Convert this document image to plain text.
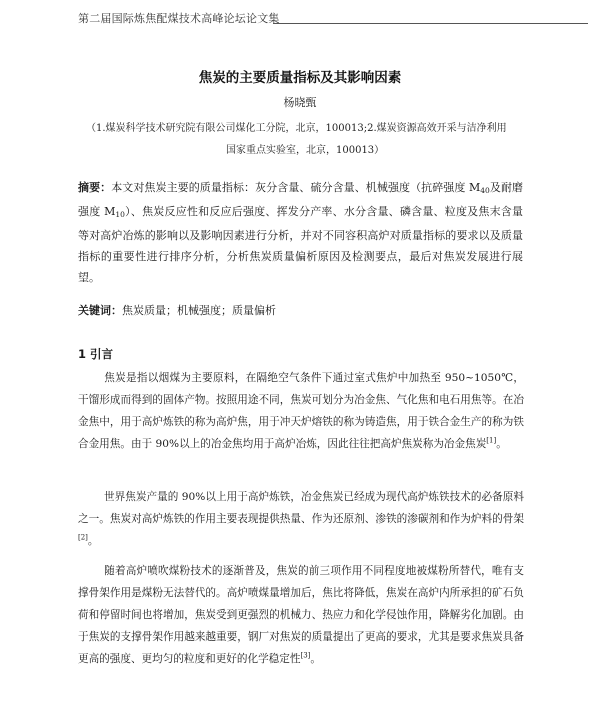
第二届国际炼焦配煤技术高峰论坛论文集
焦炭的主要质量指标及其影响因素
杨晓甄
（1.煤炭科学技术研究院有限公司煤化工分院，北京，100013;2.煤炭资源高效开采与洁净利用
国家重点实验室，北京，100013）
摘要：本文对焦炭主要的质量指标：灰分含量、硫分含量、机械强度（抗碎强度 $M_{40}$及耐磨强度 $M_{10}$）、焦炭反应性和反应后强度、挥发分产率、水分含量、磷含量、粒度及焦末含量等对高炉冶炼的影响以及影响因素进行分析，并对不同容积高炉对质量指标的要求以及质量指标的重要性进行排序分析，分析焦炭质量偏析原因及检测要点，最后对焦炭发展进行展望。
关键词：焦炭质量；机械强度；质量偏析
1 引言
焦炭是指以烟煤为主要原料，在隔绝空气条件下通过室式焦炉中加热至 950~1050℃，干馏形成而得到的固体产物。按照用途不同，焦炭可划分为冶金焦、气化焦和电石用焦等。在冶金焦中，用于高炉炼铁的称为高炉焦，用于冲天炉熔铁的称为铸造焦，用于铁合金生产的称为铁合金用焦。由于 90%以上的冶金焦均用于高炉冶炼，因此往往把高炉焦炭称为冶金焦炭[1]。
世界焦炭产量的 90%以上用于高炉炼铁，冶金焦炭已经成为现代高炉炼铁技术的必备原料之一。焦炭对高炉炼铁的作用主要表现提供热量、作为还原剂、渗铁的渗碳剂和作为炉料的骨架[2]。
随着高炉喷吹煤粉技术的逐渐普及，焦炭的前三项作用不同程度地被煤粉所替代，唯有支撑骨架作用是煤粉无法替代的。高炉喷煤量增加后，焦比将降低，焦炭在高炉内所承担的矿石负荷和停留时间也将增加，焦炭受到更强烈的机械力、热应力和化学侵蚀作用，降解劣化加剧。由于焦炭的支撑骨架作用越来越重要，钢厂对焦炭的质量提出了更高的要求，尤其是要求焦炭具备更高的强度、更均匀的粒度和更好的化学稳定性[3]。
